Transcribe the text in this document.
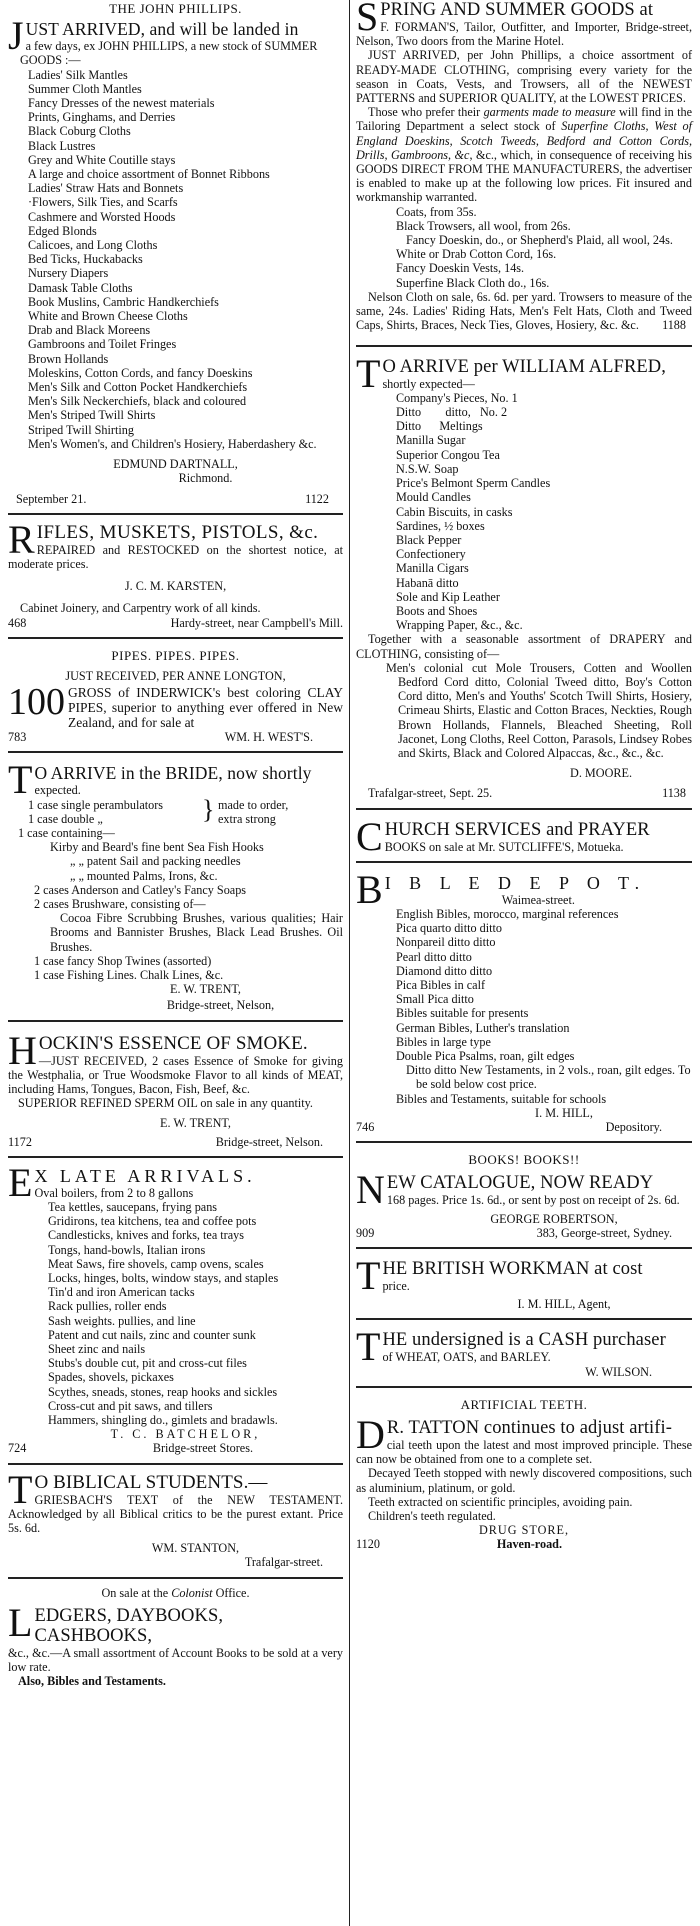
THE JOHN PHILLIPS.

J UST ARRIVED, and will be landed in

a few days, ex JOHN PHILLIPS, a new stock of SUMMER GOODS :—

Ladies' Silk Mantles

Summer Cloth Mantles

Fancy Dresses of the newest materials

Prints, Ginghams, and Derries

Black Coburg Cloths

Black Lustres

Grey and White Coutille stays

A large and choice assortment of Bonnet Ribbons

Ladies' Straw Hats and Bonnets

·Flowers, Silk Ties, and Scarfs

Cashmere and Worsted Hoods

Edged Blonds

Calicoes, and Long Cloths

Bed Ticks, Huckabacks

Nursery Diapers

Damask Table Cloths

Book Muslins, Cambric Handkerchiefs

White and Brown Cheese Cloths

Drab and Black Moreens

Gambroons and Toilet Fringes

Brown Hollands

Moleskins, Cotton Cords, and fancy Doeskins

Men's Silk and Cotton Pocket Handkerchiefs

Men's Silk Neckerchiefs, black and coloured

Men's Striped Twill Shirts

Striped Twill Shirting

Men's Women's, and Children's Hosiery, Haberdashery &c.

EDMUND DARTNALL,

Richmond.

September 21.	1122
R IFLES, MUSKETS, PISTOLS, &c.

REPAIRED and RESTOCKED on the shortest notice, at moderate prices.

J. C. M. KARSTEN,

Cabinet Joinery, and Carpentry work of all kinds.

468	Hardy-street, near Campbell's Mill.

PIPES. PIPES. PIPES.

JUST RECEIVED, PER ANNE LONGTON,

100 GROSS of INDERWICK's best coloring CLAY PIPES, superior to anything ever offered in New Zealand, and for sale at

783	WM. H. WEST'S.
T O ARRIVE in the BRIDE, now shortly

expected.

1 case single perambulators	made to order,

1 case double „	extra strong

}

1 case containing—

Kirby and Beard's fine bent Sea Fish Hooks

„ „ patent Sail and packing needles

„ „ mounted Palms, Irons, &c.

2 cases Anderson and Catley's Fancy Soaps

2 cases Brushware, consisting of—

Cocoa Fibre Scrubbing Brushes, various qualities; Hair Brooms and Bannister Brushes, Black Lead Brushes. Oil Brushes.

1 case fancy Shop Twines (assorted)

1 case Fishing Lines. Chalk Lines, &c.

E. W. TRENT,

Bridge-street, Nelson,

H OCKIN'S ESSENCE OF SMOKE.

—JUST RECEIVED, 2 cases Essence of Smoke for giving the Westphalia, or True Woodsmoke Flavor to all kinds of MEAT, including Hams, Tongues, Bacon, Fish, Beef, &c.

SUPERIOR REFINED SPERM OIL on sale in any quantity.

E. W. TRENT,

1172	Bridge-street, Nelson.
E X LATE ARRIVALS.

Oval boilers, from 2 to 8 gallons

Tea kettles, saucepans, frying pans

Gridirons, tea kitchens, tea and coffee pots

Candlesticks, knives and forks, tea trays

Tongs, hand-bowls, Italian irons

Meat Saws, fire shovels, camp ovens, scales

Locks, hinges, bolts, window stays, and staples

Tin'd and iron American tacks

Rack pullies, roller ends

Sash weights. pullies, and line

Patent and cut nails, zinc and counter sunk

Sheet zinc and nails

Stubs's double cut, pit and cross-cut files

Spades, shovels, pickaxes

Scythes, sneads, stones, reap hooks and sickles

Cross-cut and pit saws, and tillers

Hammers, shingling do., gimlets and bradawls.

T. C. BATCHELOR,

724	Bridge-street Stores.
T O BIBLICAL STUDENTS.—

GRIESBACH'S TEXT of the NEW TESTAMENT. Acknowledged by all Biblical critics to be the purest extant. Price 5s. 6d.

WM. STANTON,

Trafalgar-street.

On sale at the Colonist Office.

L EDGERS, DAYBOOKS, CASHBOOKS,

&c., &c.—A small assortment of Account Books to be sold at a very low rate.

Also, Bibles and Testaments.

S PRING AND SUMMER GOODS at

F. FORMAN'S, Tailor, Outfitter, and Importer, Bridge-street, Nelson, Two doors from the Marine Hotel.

JUST ARRIVED, per John Phillips, a choice assortment of READY-MADE CLOTHING, comprising every variety for the season in Coats, Vests, and Trowsers, all of the NEWEST PATTERNS and SUPERIOR QUALITY, at the LOWEST PRICES.

Those who prefer their garments made to measure will find in the Tailoring Department a select stock of Superfine Cloths, West of England Doeskins, Scotch Tweeds, Bedford and Cotton Cords, Drills, Gambroons, &c, &c., which, in consequence of receiving his GOODS DIRECT FROM THE MANUFACTURERS, the advertiser is enabled to make up at the following low prices. Fit insured and workmanship warranted.

Coats, from 35s.

Black Trowsers, all wool, from 26s.

Fancy Doeskin, do., or Shepherd's Plaid, all wool, 24s.

White or Drab Cotton Cord, 16s.

Fancy Doeskin Vests, 14s.

Superfine Black Cloth do., 16s.

Nelson Cloth on sale, 6s. 6d. per yard. Trowsers to measure of the same, 24s. Ladies' Riding Hats, Men's Felt Hats, Cloth and Tweed Caps, Shirts, Braces, Neck Ties, Gloves, Hosiery, &c. &c.	1188

T O ARRIVE per WILLIAM ALFRED,

shortly expected—

Company's Pieces, No. 1

Ditto        ditto,   No. 2

Ditto      Meltings

Manilla Sugar

Superior Congou Tea

N.S.W. Soap

Price's Belmont Sperm Candles

Mould Candles

Cabin Biscuits, in casks

Sardines, ½ boxes

Black Pepper

Confectionery

Manilla Cigars

Habanā ditto

Sole and Kip Leather

Boots and Shoes

Wrapping Paper, &c., &c.

Together with a seasonable assortment of DRAPERY and CLOTHING, consisting of—

Men's colonial cut Mole Trousers, Cotten and Woollen Bedford Cord ditto, Colonial Tweed ditto, Boy's Cotton Cord ditto, Men's and Youths' Scotch Twill Shirts, Hosiery, Crimeau Shirts, Elastic and Cotton Braces, Neckties, Rough Brown Hollands, Flannels, Bleached Sheeting, Roll Jaconet, Long Cloths, Reel Cotton, Parasols, Lindsey Robes and Skirts, Black and Colored Alpaccas, &c., &c., &c.

D. MOORE.

Trafalgar-street, Sept. 25.	1138
C HURCH SERVICES and PRAYER

BOOKS on sale at Mr. SUTCLIFFE'S, Motueka.

B I B L E D E P O T.

Waimea-street.

English Bibles, morocco, marginal references

Pica quarto ditto ditto

Nonpareil ditto ditto

Pearl ditto ditto

Diamond ditto ditto

Pica Bibles in calf

Small Pica ditto

Bibles suitable for presents

German Bibles, Luther's translation

Bibles in large type

Double Pica Psalms, roan, gilt edges

Ditto ditto New Testaments, in 2 vols., roan, gilt edges. To be sold below cost price.

Bibles and Testaments, suitable for schools

I. M. HILL,

746	Depository.

BOOKS! BOOKS!!

N EW CATALOGUE, NOW READY

168 pages. Price 1s. 6d., or sent by post on receipt of 2s. 6d.

GEORGE ROBERTSON,

909	383, George-street, Sydney.
T HE BRITISH WORKMAN at cost

price.

I. M. HILL, Agent,

T HE undersigned is a CASH purchaser

of WHEAT, OATS, and BARLEY.

W. WILSON.

ARTIFICIAL TEETH.

D R. TATTON continues to adjust artifi-

cial teeth upon the latest and most improved principle. These can now be obtained from one to a complete set.

Decayed Teeth stopped with newly discovered compositions, such as aluminium, platinum, or gold.

Teeth extracted on scientific principles, avoiding pain.

Children's teeth regulated.

DRUG STORE,

1120	Haven-road.
